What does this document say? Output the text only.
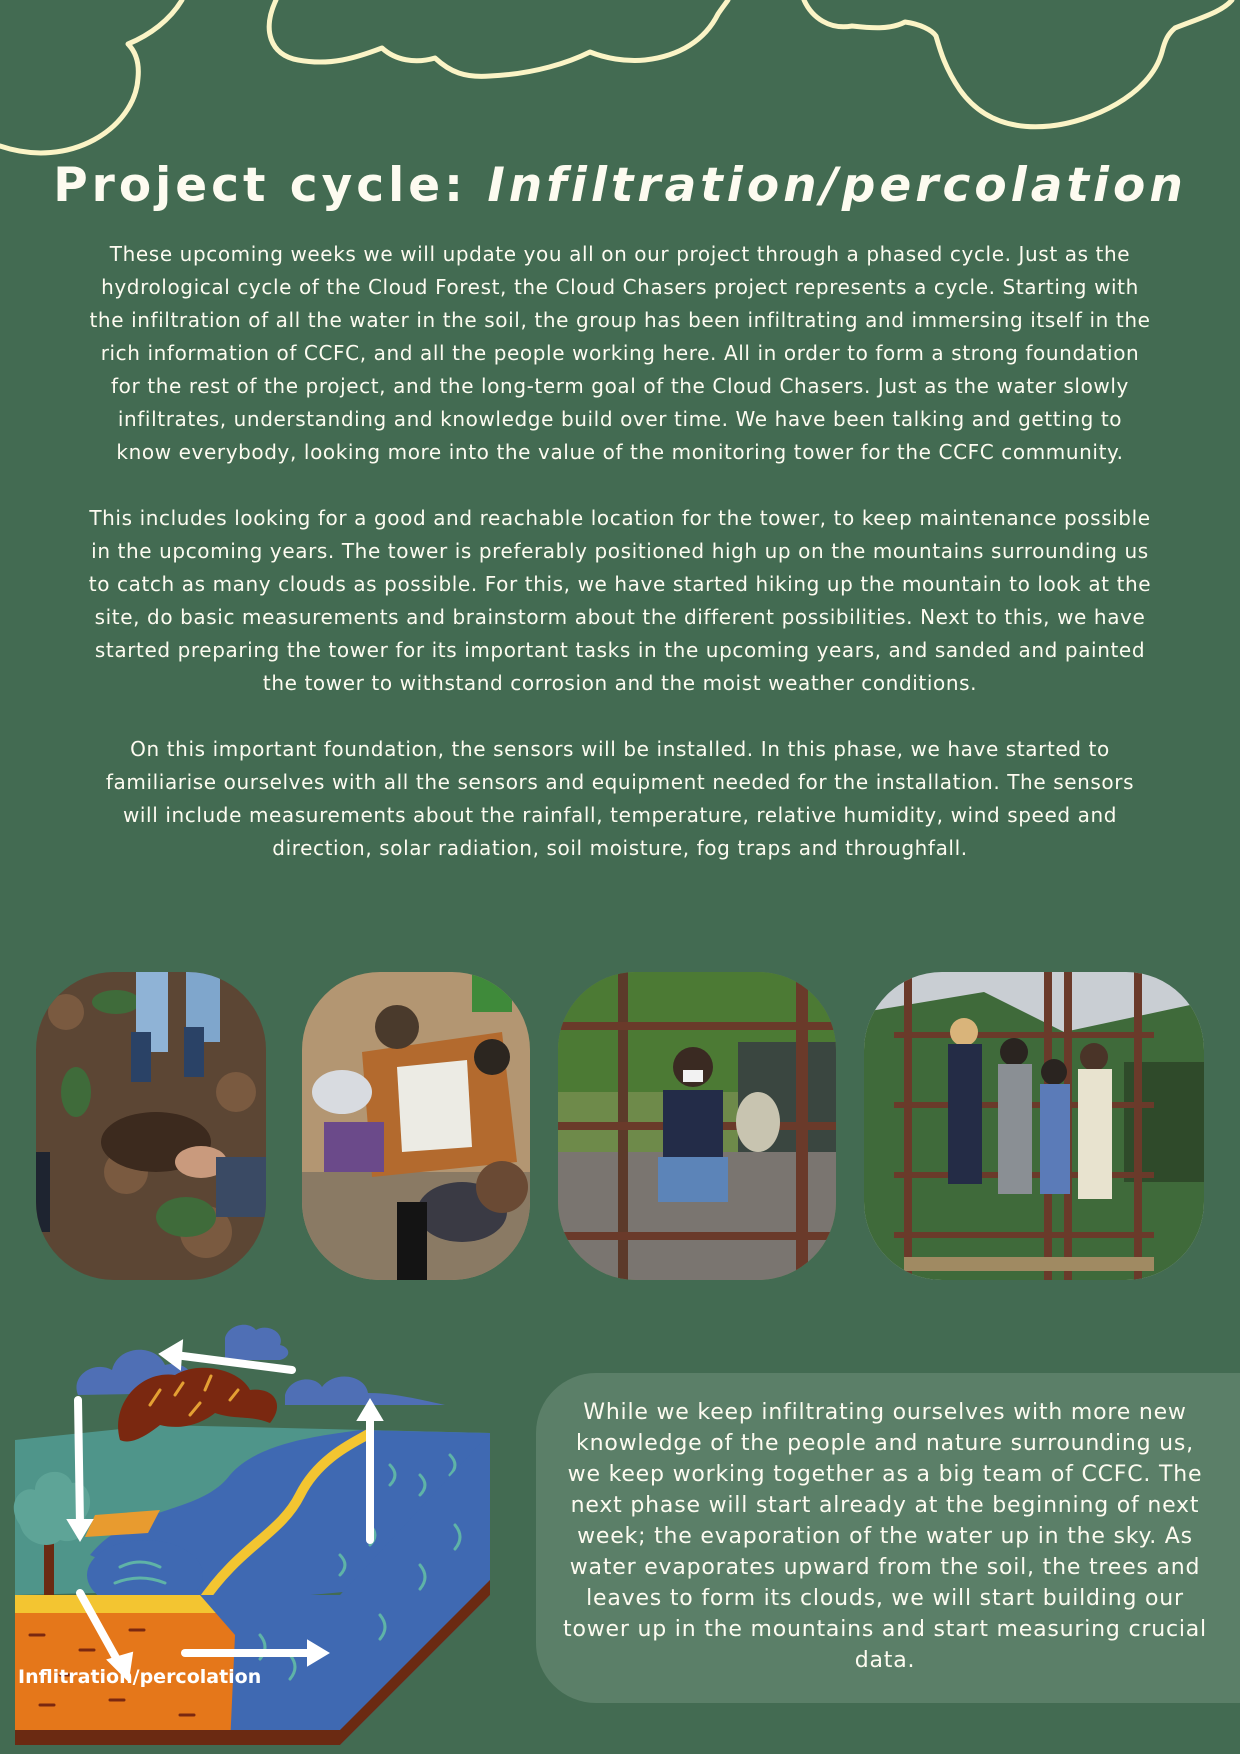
Project cycle: Infiltration/percolation

These upcoming weeks we will update you all on our project through a phased cycle. Just as the hydrological cycle of the Cloud Forest, the Cloud Chasers project represents a cycle. Starting with the infiltration of all the water in the soil, the group has been infiltrating and immersing itself in the rich information of CCFC, and all the people working here. All in order to form a strong foundation for the rest of the project, and the long-term goal of the Cloud Chasers. Just as the water slowly infiltrates, understanding and knowledge build over time. We have been talking and getting to know everybody, looking more into the value of the monitoring tower for the CCFC community.

This includes looking for a good and reachable location for the tower, to keep maintenance possible in the upcoming years. The tower is preferably positioned high up on the mountains surrounding us to catch as many clouds as possible. For this, we have started hiking up the mountain to look at the site, do basic measurements and brainstorm about the different possibilities. Next to this, we have started preparing the tower for its important tasks in the upcoming years, and sanded and painted the tower to withstand corrosion and the moist weather conditions.

On this important foundation, the sensors will be installed. In this phase, we have started to familiarise ourselves with all the sensors and equipment needed for the installation. The sensors will include measurements about the rainfall, temperature, relative humidity, wind speed and direction, solar radiation, soil moisture, fog traps and throughfall.

Inflitration/percolation

While we keep infiltrating ourselves with more new knowledge of the people and nature surrounding us, we keep working together as a big team of CCFC. The next phase will start already at the beginning of next week; the evaporation of the water up in the sky. As water evaporates upward from the soil, the trees and leaves to form its clouds, we will start building our tower up in the mountains and start measuring crucial data.
